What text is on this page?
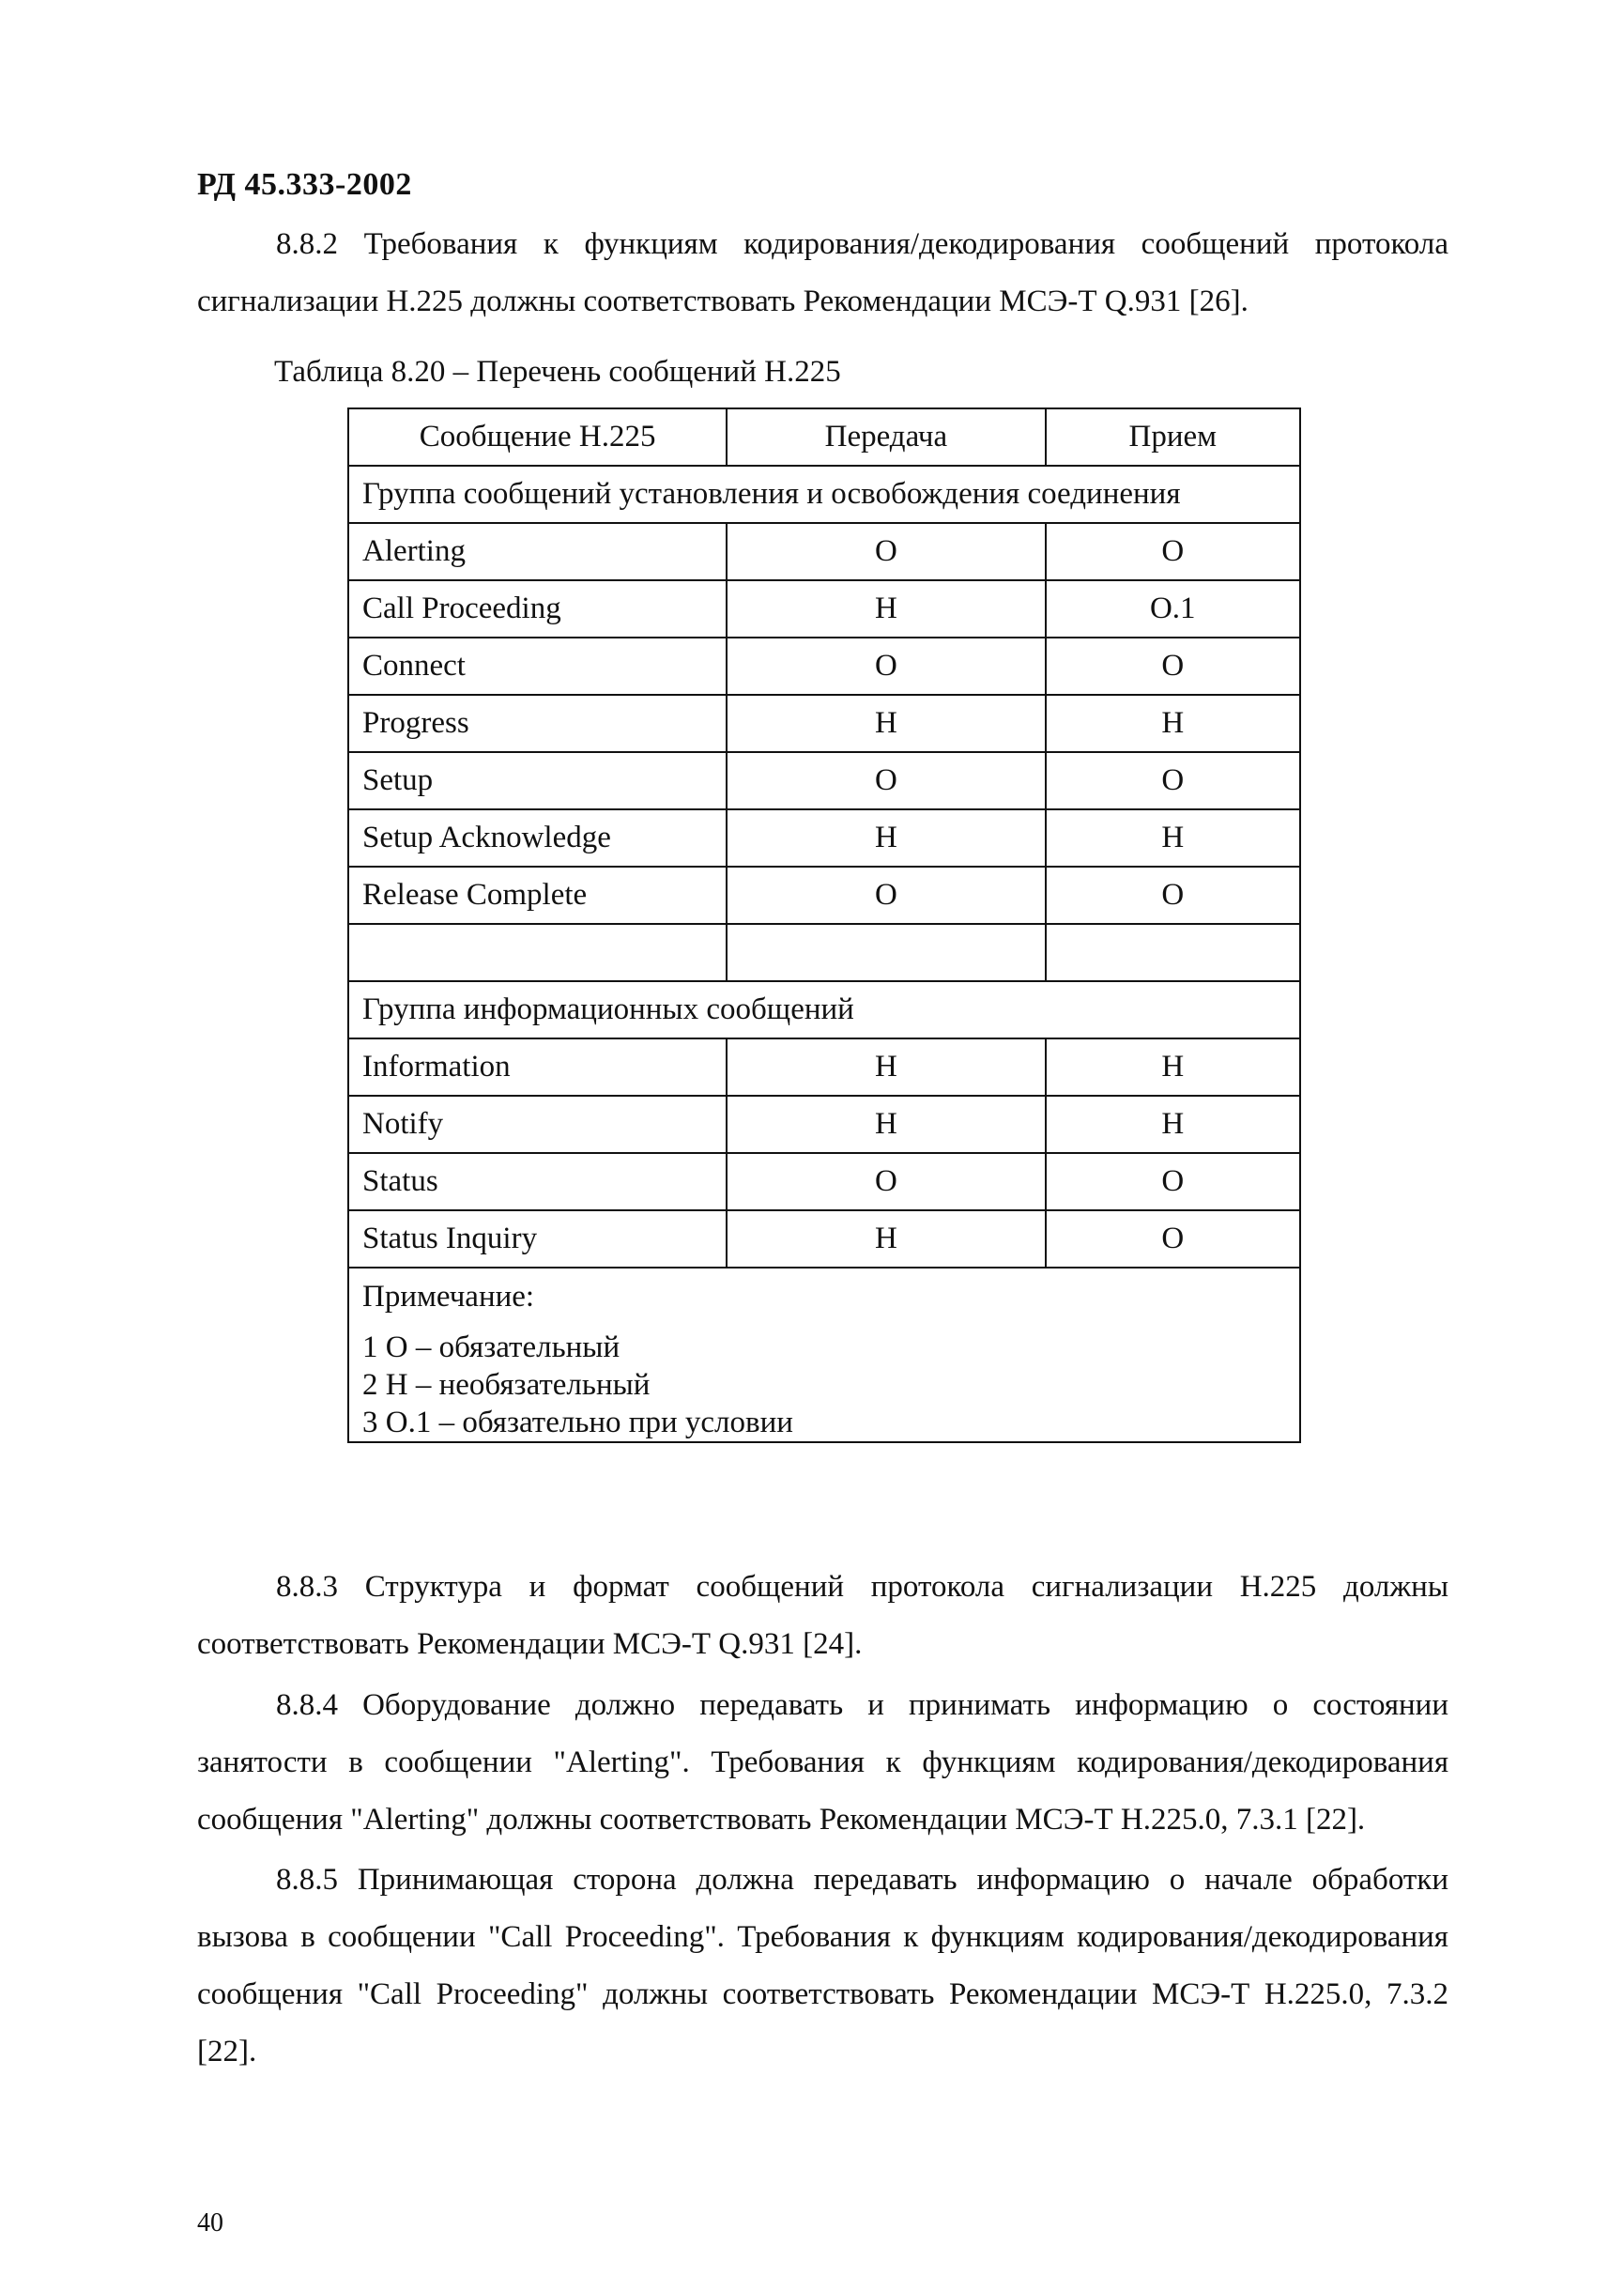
РД 45.333-2002

8.8.2 Требования к функциям кодирования/декодирования сообщений протокола сигнализации H.225 должны соответствовать Рекомендации МСЭ-Т Q.931 [26].

Таблица 8.20 – Перечень сообщений H.225
Сообщение H.225	Передача	Прием
Группа сообщений установления и освобождения соединения		
Alerting	О	О
Call Proceeding	Н	О.1
Connect	О	О
Progress	Н	Н
Setup	О	О
Setup Acknowledge	Н	Н
Release Complete	О	О

Группа информационных сообщений		
Information	Н	Н
Notify	Н	Н
Status	О	О
Status Inquiry	Н	О

Примечание:
1 О – обязательный
2 Н – необязательный
3 О.1 – обязательно при условии		

8.8.3 Структура и формат сообщений протокола сигнализации H.225 должны соответствовать Рекомендации МСЭ-Т Q.931 [24].

8.8.4 Оборудование должно передавать и принимать информацию о состоянии занятости в сообщении "Alerting". Требования к функциям кодирования/декодирования сообщения "Alerting" должны соответствовать Рекомендации МСЭ-Т H.225.0, 7.3.1 [22].

8.8.5 Принимающая сторона должна передавать информацию о начале обработки вызова в сообщении "Call Proceeding". Требования к функциям кодирования/декодирования сообщения "Call Proceeding" должны соответствовать Рекомендации МСЭ-Т H.225.0, 7.3.2 [22].

40
